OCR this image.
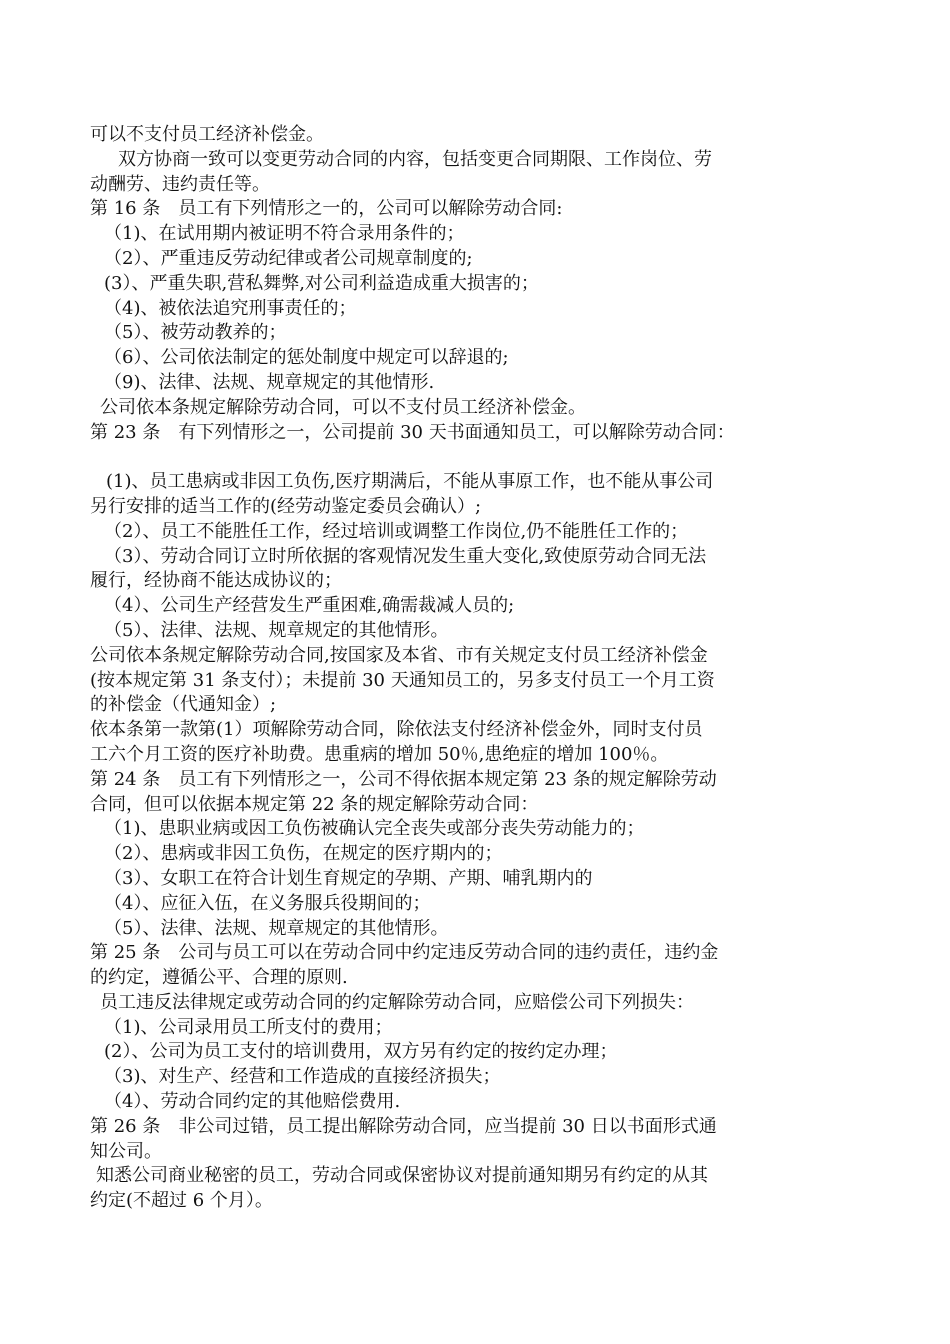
可以不支付员工经济补偿金。
双方协商一致可以变更劳动合同的内容，包括变更合同期限、工作岗位、劳
动酬劳、违约责任等。
第 16 条　员工有下列情形之一的，公司可以解除劳动合同:
（1)、在试用期内被证明不符合录用条件的；
（2）、严重违反劳动纪律或者公司规章制度的;
(3）、严重失职,营私舞弊,对公司利益造成重大损害的；
（4)、被依法追究刑事责任的；
（5）、被劳动教养的；
（6）、公司依法制定的惩处制度中规定可以辞退的;
（9)、法律、法规、规章规定的其他情形.
公司依本条规定解除劳动合同，可以不支付员工经济补偿金。
第 23 条　有下列情形之一，公司提前 30 天书面通知员工，可以解除劳动合同：
(1)、员工患病或非因工负伤,医疗期满后，不能从事原工作，也不能从事公司
另行安排的适当工作的(经劳动鉴定委员会确认）;
（2）、员工不能胜任工作，经过培训或调整工作岗位,仍不能胜任工作的；
（3）、劳动合同订立时所依据的客观情况发生重大变化,致使原劳动合同无法
履行，经协商不能达成协议的；
（4）、公司生产经营发生严重困难,确需裁减人员的;
（5）、法律、法规、规章规定的其他情形。
公司依本条规定解除劳动合同,按国家及本省、市有关规定支付员工经济补偿金
(按本规定第 31 条支付）；未提前 30 天通知员工的，另多支付员工一个月工资
的补偿金（代通知金）;
依本条第一款第(1）项解除劳动合同，除依法支付经济补偿金外，同时支付员
工六个月工资的医疗补助费。患重病的增加 50％,患绝症的增加 100％。
第 24 条　员工有下列情形之一，公司不得依据本规定第 23 条的规定解除劳动
合同，但可以依据本规定第 22 条的规定解除劳动合同：
（1)、患职业病或因工负伤被确认完全丧失或部分丧失劳动能力的；
（2）、患病或非因工负伤，在规定的医疗期内的；
（3）、女职工在符合计划生育规定的孕期、产期、哺乳期内的
（4）、应征入伍，在义务服兵役期间的；
（5）、法律、法规、规章规定的其他情形。
第 25 条　公司与员工可以在劳动合同中约定违反劳动合同的违约责任，违约金
的约定，遵循公平、合理的原则.
员工违反法律规定或劳动合同的约定解除劳动合同，应赔偿公司下列损失：
（1)、公司录用员工所支付的费用；
(2）、公司为员工支付的培训费用，双方另有约定的按约定办理；
（3)、对生产、经营和工作造成的直接经济损失；
（4）、劳动合同约定的其他赔偿费用.
第 26 条　非公司过错，员工提出解除劳动合同，应当提前 30 日以书面形式通
知公司。
知悉公司商业秘密的员工，劳动合同或保密协议对提前通知期另有约定的从其
约定(不超过 6 个月）。
